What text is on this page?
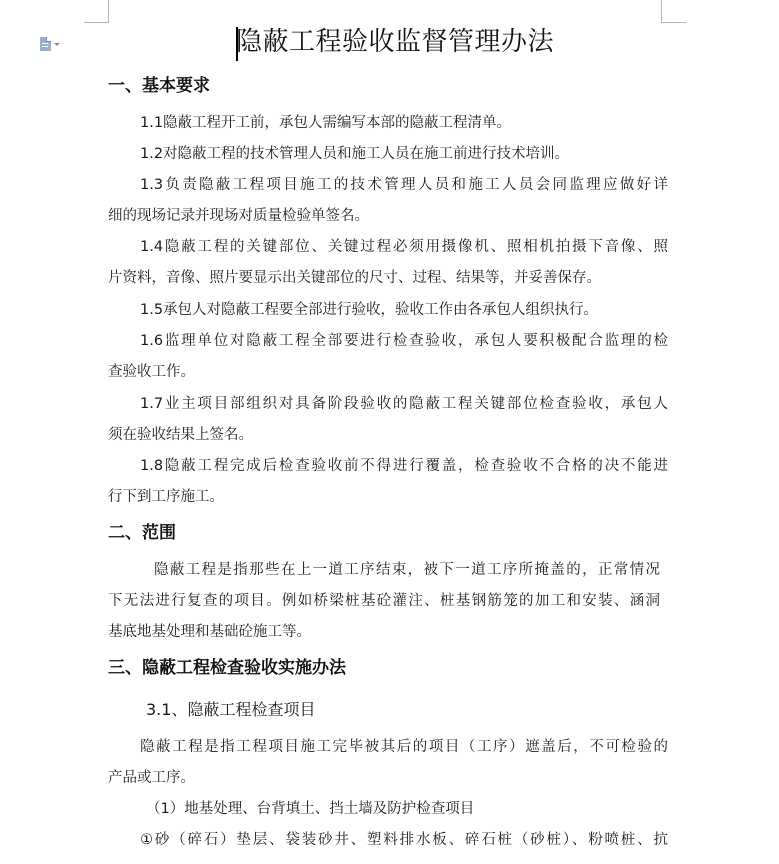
隐蔽工程验收监督管理办法
一、基本要求
1.1隐蔽工程开工前，承包人需编写本部的隐蔽工程清单。
1.2对隐蔽工程的技术管理人员和施工人员在施工前进行技术培训。
1.3负责隐蔽工程项目施工的技术管理人员和施工人员会同监理应做好详
细的现场记录并现场对质量检验单签名。
1.4隐蔽工程的关键部位、关键过程必须用摄像机、照相机拍摄下音像、照
片资料，音像、照片要显示出关键部位的尺寸、过程、结果等，并妥善保存。
1.5承包人对隐蔽工程要全部进行验收，验收工作由各承包人组织执行。
1.6监理单位对隐蔽工程全部要进行检查验收，承包人要积极配合监理的检
查验收工作。
1.7业主项目部组织对具备阶段验收的隐蔽工程关键部位检查验收，承包人
须在验收结果上签名。
1.8隐蔽工程完成后检查验收前不得进行覆盖，检查验收不合格的决不能进
行下到工序施工。
二、范围
隐蔽工程是指那些在上一道工序结束，被下一道工序所掩盖的，正常情况
下无法进行复查的项目。例如桥梁桩基砼灌注、桩基钢筋笼的加工和安装、涵洞
基底地基处理和基础砼施工等。
三、隐蔽工程检查验收实施办法
3.1、隐蔽工程检查项目
隐蔽工程是指工程项目施工完毕被其后的项目（工序）遮盖后，不可检验的
产品或工序。
（1）地基处理、台背填土、挡土墙及防护检查项目
①砂（碎石）垫层、袋装砂井、塑料排水板、碎石桩（砂桩）、粉喷桩、抗
